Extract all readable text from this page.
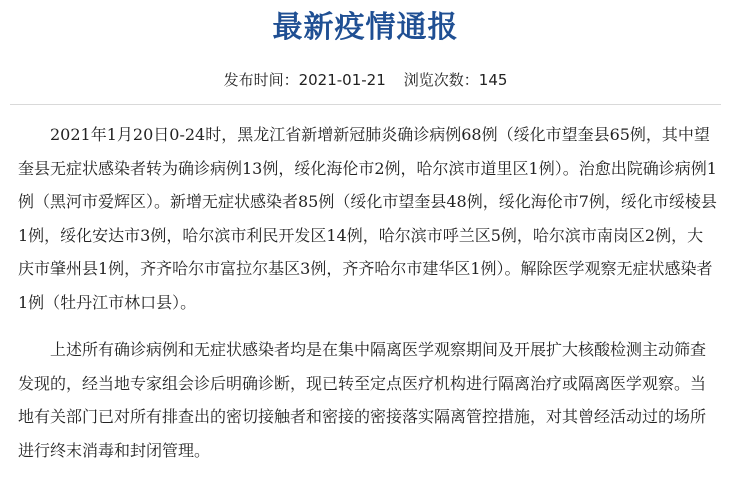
最新疫情通报
发布时间：2021-01-21 浏览次数：145

2021年1月20日0-24时，黑龙江省新增新冠肺炎确诊病例68例（绥化市望奎县65例，其中望奎县无症状感染者转为确诊病例13例，绥化海伦市2例，哈尔滨市道里区1例）。治愈出院确诊病例1例（黑河市爱辉区）。新增无症状感染者85例（绥化市望奎县48例，绥化海伦市7例，绥化市绥棱县1例，绥化安达市3例，哈尔滨市利民开发区14例，哈尔滨市呼兰区5例，哈尔滨市南岗区2例，大庆市肇州县1例，齐齐哈尔市富拉尔基区3例，齐齐哈尔市建华区1例）。解除医学观察无症状感染者1例（牡丹江市林口县）。

上述所有确诊病例和无症状感染者均是在集中隔离医学观察期间及开展扩大核酸检测主动筛查发现的，经当地专家组会诊后明确诊断，现已转至定点医疗机构进行隔离治疗或隔离医学观察。当地有关部门已对所有排查出的密切接触者和密接的密接落实隔离管控措施，对其曾经活动过的场所进行终末消毒和封闭管理。
